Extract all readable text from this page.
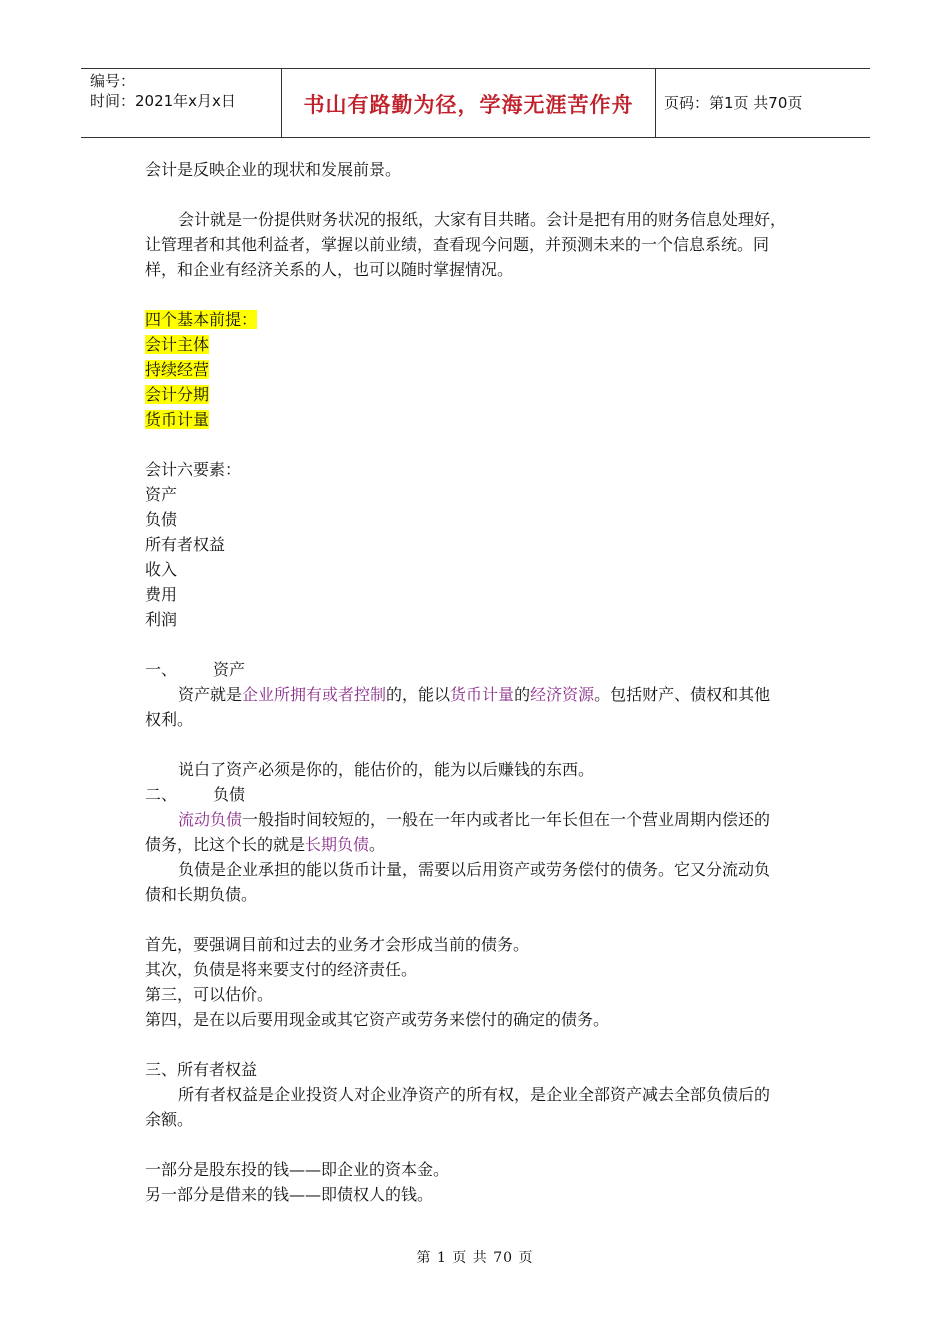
编号：
时间：2021年x月x日	书山有路勤为径，学海无涯苦作舟	页码：第1页 共70页
会计是反映企业的现状和发展前景。
会计就是一份提供财务状况的报纸，大家有目共睹。会计是把有用的财务信息处理好，
让管理者和其他利益者，掌握以前业绩，查看现今问题，并预测未来的一个信息系统。同
样，和企业有经济关系的人，也可以随时掌握情况。
四个基本前提：
会计主体
持续经营
会计分期
货币计量
会计六要素：
资产
负债
所有者权益
收入
费用
利润
一、 资产
资产就是企业所拥有或者控制的，能以货币计量的经济资源。包括财产、债权和其他
权利。
说白了资产必须是你的，能估价的，能为以后赚钱的东西。
二、 负债
流动负债一般指时间较短的，一般在一年内或者比一年长但在一个营业周期内偿还的
债务，比这个长的就是长期负债。
负债是企业承担的能以货币计量，需要以后用资产或劳务偿付的债务。它又分流动负
债和长期负债。
首先，要强调目前和过去的业务才会形成当前的债务。
其次，负债是将来要支付的经济责任。
第三，可以估价。
第四，是在以后要用现金或其它资产或劳务来偿付的确定的债务。
三、所有者权益
所有者权益是企业投资人对企业净资产的所有权，是企业全部资产减去全部负债后的
余额。
一部分是股东投的钱——即企业的资本金。
另一部分是借来的钱——即债权人的钱。
第 1 页 共 70 页
